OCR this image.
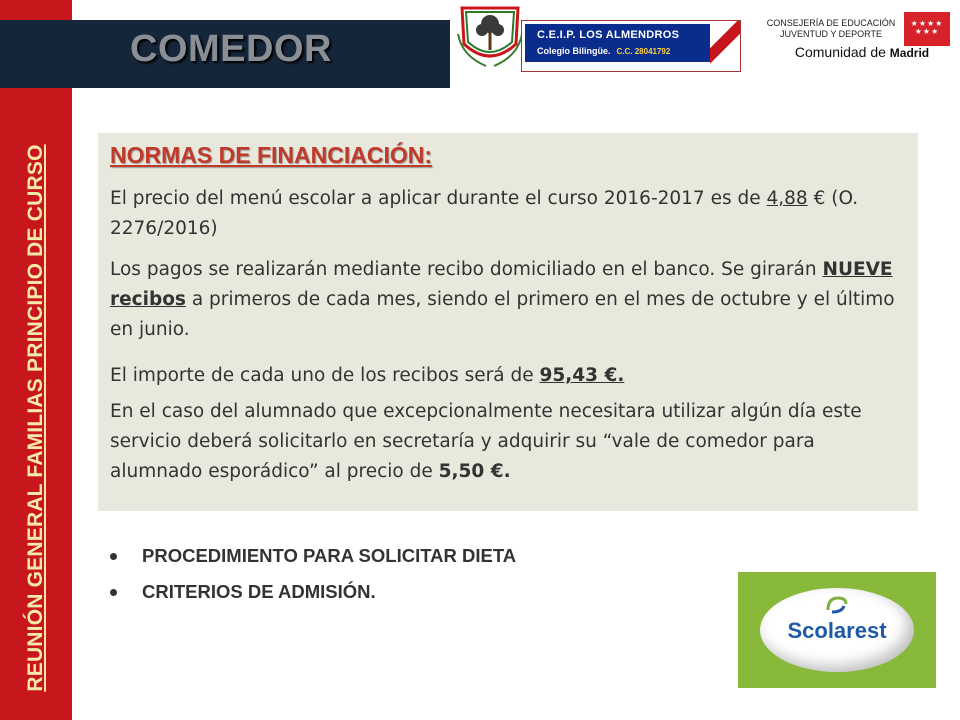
REUNIÓN GENERAL FAMILIAS PRINCIPIO DE CURSO
COMEDOR	C.E.I.P. LOS ALMENDROS
Colegio Bilingüe. C.C. 28041792
CONSEJERÍA DE EDUCACIÓN
JUVENTUD Y DEPORTE
Comunidad de Madrid
★★★★
★★★
NORMAS DE FINANCIACIÓN:
El precio del menú escolar a aplicar durante el curso 2016-2017 es de 4,88 € (O. 2276/2016)
Los pagos se realizarán mediante recibo domiciliado en el banco. Se girarán NUEVE recibos a primeros de cada mes, siendo el primero en el mes de octubre y el último en junio.
El importe de cada uno de los recibos será de 95,43 €.
En el caso del alumnado que excepcionalmente necesitara utilizar algún día este servicio deberá solicitarlo en secretaría y adquirir su “vale de comedor para alumnado esporádico” al precio de 5,50 €.
PROCEDIMIENTO PARA SOLICITAR DIETA
CRITERIOS DE ADMISIÓN.
Scolarest
